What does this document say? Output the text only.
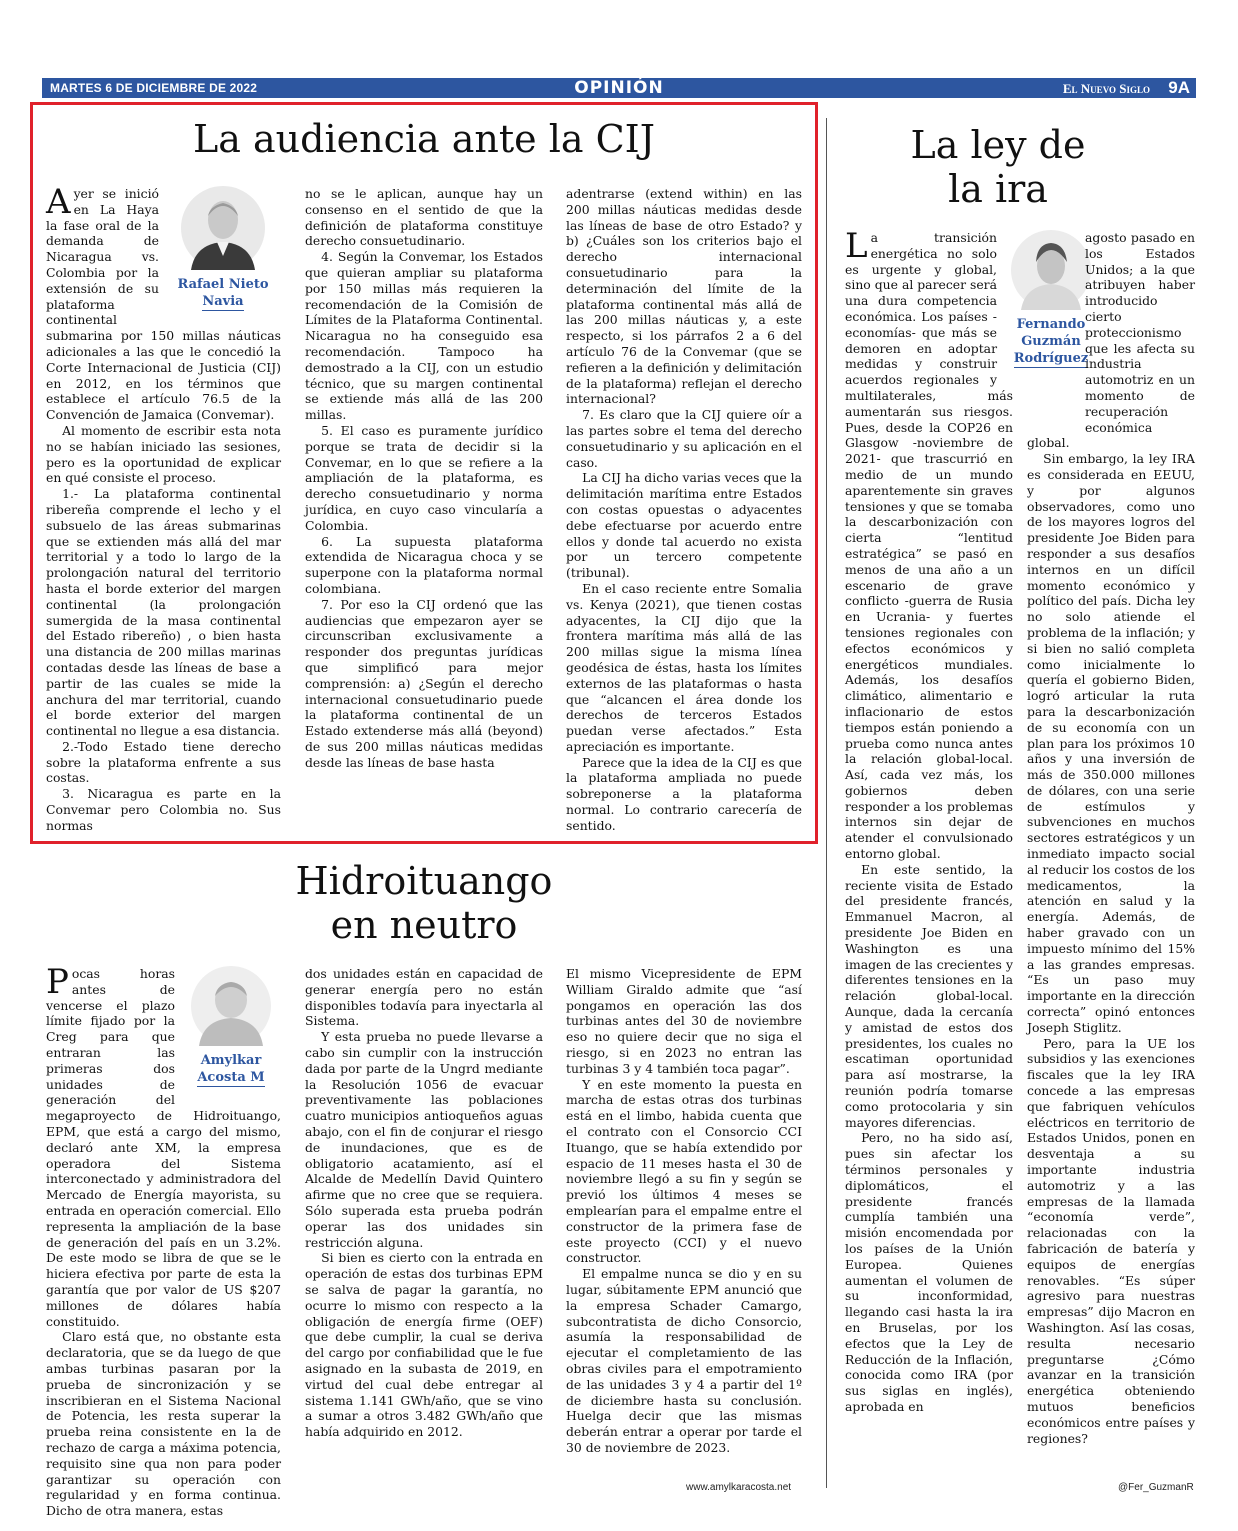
MARTES 6 DE DICIEMBRE DE 2022	OPINIÓN	El Nuevo Siglo 9A
La audiencia ante la CIJ
Rafael Nieto
Navia

Ayer se inició en La Haya la fase oral de la demanda de Nicaragua vs. Colombia por la extensión de su plataforma continental submarina por 150 millas náuticas adicionales a las que le concedió la Corte Internacional de Justicia (CIJ) en 2012, en los términos que establece el artículo 76.5 de la Convención de Jamaica (Convemar).

Al momento de escribir esta nota no se habían iniciado las sesiones, pero es la oportunidad de explicar en qué consiste el proceso.

1.- La plataforma continental ribereña comprende el lecho y el subsuelo de las áreas submarinas que se extienden más allá del mar territorial y a todo lo largo de la prolongación natural del territorio hasta el borde exterior del margen continental (la prolongación sumergida de la masa continental del Estado ribereño) , o bien hasta una distancia de 200 millas marinas contadas desde las líneas de base a partir de las cuales se mide la anchura del mar territorial, cuando el borde exterior del margen continental no llegue a esa distancia.

2.-Todo Estado tiene derecho sobre la plataforma enfrente a sus costas.

3. Nicaragua es parte en la Convemar pero Colombia no. Sus normas

no se le aplican, aunque hay un consenso en el sentido de que la definición de plataforma constituye derecho consuetudinario.

4. Según la Convemar, los Estados que quieran ampliar su plataforma por 150 millas más requieren la recomendación de la Comisión de Límites de la Plataforma Continental. Nicaragua no ha conseguido esa recomendación. Tampoco ha demostrado a la CIJ, con un estudio técnico, que su margen continental se extiende más allá de las 200 millas.

5. El caso es puramente jurídico porque se trata de decidir si la Convemar, en lo que se refiere a la ampliación de la plataforma, es derecho consuetudinario y norma jurídica, en cuyo caso vincularía a Colombia.

6. La supuesta plataforma extendida de Nicaragua choca y se superpone con la plataforma normal colombiana.

7. Por eso la CIJ ordenó que las audiencias que empezaron ayer se circunscriban exclusivamente a responder dos preguntas jurídicas que simplificó para mejor comprensión: a) ¿Según el derecho internacional consuetudinario puede la plataforma continental de un Estado extenderse más allá (beyond) de sus 200 millas náuticas medidas desde las líneas de base hasta

adentrarse (extend within) en las 200 millas náuticas medidas desde las líneas de base de otro Estado? y b) ¿Cuáles son los criterios bajo el derecho internacional consuetudinario para la determinación del límite de la plataforma continental más allá de las 200 millas náuticas y, a este respecto, si los párrafos 2 a 6 del artículo 76 de la Convemar (que se refieren a la definición y delimitación de la plataforma) reflejan el derecho internacional?

7. Es claro que la CIJ quiere oír a las partes sobre el tema del derecho consuetudinario y su aplicación en el caso.

La CIJ ha dicho varias veces que la delimitación marítima entre Estados con costas opuestas o adyacentes debe efectuarse por acuerdo entre ellos y donde tal acuerdo no exista por un tercero competente (tribunal).

En el caso reciente entre Somalia vs. Kenya (2021), que tienen costas adyacentes, la CIJ dijo que la frontera marítima más allá de las 200 millas sigue la misma línea geodésica de éstas, hasta los límites externos de las plataformas o hasta que “alcancen el área donde los derechos de terceros Estados puedan verse afectados.” Esta apreciación es importante.

Parece que la idea de la CIJ es que la plataforma ampliada no puede sobreponerse a la plataforma normal. Lo contrario carecería de sentido.

La ley de
la ira
Fernando
Guzmán
Rodríguez

La transición energética no solo es urgente y global, sino que al parecer será una dura competencia económica. Los países -economías- que más se demoren en adoptar medidas y construir acuerdos regionales y multilaterales, más aumentarán sus riesgos. Pues, desde la COP26 en Glasgow -noviembre de 2021- que trascurrió en medio de un mundo aparentemente sin graves tensiones y que se tomaba la descarbonización con cierta “lentitud estratégica” se pasó en menos de una año a un escenario de grave conflicto -guerra de Rusia en Ucrania- y fuertes tensiones regionales con efectos económicos y energéticos mundiales. Además, los desafíos climático, alimentario e inflacionario de estos tiempos están poniendo a prueba como nunca antes la relación global-local. Así, cada vez más, los gobiernos deben responder a los problemas internos sin dejar de atender el convulsionado entorno global.

En este sentido, la reciente visita de Estado del presidente francés, Emmanuel Macron, al presidente Joe Biden en Washington es una imagen de las crecientes y diferentes tensiones en la relación global-local. Aunque, dada la cercanía y amistad de estos dos presidentes, los cuales no escatiman oportunidad para así mostrarse, la reunión podría tomarse como protocolaria y sin mayores diferencias.

Pero, no ha sido así, pues sin afectar los términos personales y diplomáticos, el presidente francés cumplía también una misión encomendada por los países de la Unión Europea. Quienes aumentan el volumen de su inconformidad, llegando casi hasta la ira en Bruselas, por los efectos que la Ley de Reducción de la Inflación, conocida como IRA (por sus siglas en inglés), aprobada en

agosto pasado en los Estados Unidos; a la que atribuyen haber introducido cierto proteccionismo que les afecta su industria automotriz en un momento de recuperación económica global.

Sin embargo, la ley IRA es considerada en EEUU, y por algunos observadores, como uno de los mayores logros del presidente Joe Biden para responder a sus desafíos internos en un difícil momento económico y político del país. Dicha ley no solo atiende el problema de la inflación; y si bien no salió completa como inicialmente lo quería el gobierno Biden, logró articular la ruta para la descarbonización de su economía con un plan para los próximos 10 años y una inversión de más de 350.000 millones de dólares, con una serie de estímulos y subvenciones en muchos sectores estratégicos y un inmediato impacto social al reducir los costos de los medicamentos, la atención en salud y la energía. Además, de haber gravado con un impuesto mínimo del 15% a las grandes empresas. “Es un paso muy importante en la dirección correcta” opinó entonces Joseph Stiglitz.

Pero, para la UE los subsidios y las exenciones fiscales que la ley IRA concede a las empresas que fabriquen vehículos eléctricos en territorio de Estados Unidos, ponen en desventaja a su importante industria automotriz y a las empresas de la llamada “economía verde”, relacionadas con la fabricación de batería y equipos de energías renovables. “Es súper agresivo para nuestras empresas” dijo Macron en Washington. Así las cosas, resulta necesario preguntarse ¿Cómo avanzar en la transición energética obteniendo mutuos beneficios económicos entre países y regiones?

@Fer_GuzmanR
Hidroituango
en neutro
Amylkar
Acosta M

Pocas horas antes de vencerse el plazo límite fijado por la Creg para que entraran las primeras dos unidades de generación del megaproyecto de Hidroituango, EPM, que está a cargo del mismo, declaró ante XM, la empresa operadora del Sistema interconectado y administradora del Mercado de Energía mayorista, su entrada en operación comercial. Ello representa la ampliación de la base de generación del país en un 3.2%. De este modo se libra de que se le hiciera efectiva por parte de esta la garantía que por valor de US $207 millones de dólares había constituido.

Claro está que, no obstante esta declaratoria, que se da luego de que ambas turbinas pasaran por la prueba de sincronización y se inscribieran en el Sistema Nacional de Potencia, les resta superar la prueba reina consistente en la de rechazo de carga a máxima potencia, requisito sine qua non para poder garantizar su operación con regularidad y en forma continua. Dicho de otra manera, estas

dos unidades están en capacidad de generar energía pero no están disponibles todavía para inyectarla al Sistema.

Y esta prueba no puede llevarse a cabo sin cumplir con la instrucción dada por parte de la Ungrd mediante la Resolución 1056 de evacuar preventivamente las poblaciones cuatro municipios antioqueños aguas abajo, con el fin de conjurar el riesgo de inundaciones, que es de obligatorio acatamiento, así el Alcalde de Medellín David Quintero afirme que no cree que se requiera. Sólo superada esta prueba podrán operar las dos unidades sin restricción alguna.

Si bien es cierto con la entrada en operación de estas dos turbinas EPM se salva de pagar la garantía, no ocurre lo mismo con respecto a la obligación de energía firme (OEF) que debe cumplir, la cual se deriva del cargo por confiabilidad que le fue asignado en la subasta de 2019, en virtud del cual debe entregar al sistema 1.141 GWh/año, que se vino a sumar a otros 3.482 GWh/año que había adquirido en 2012.

El mismo Vicepresidente de EPM William Giraldo admite que “así pongamos en operación las dos turbinas antes del 30 de noviembre eso no quiere decir que no siga el riesgo, si en 2023 no entran las turbinas 3 y 4 también toca pagar”.

Y en este momento la puesta en marcha de estas otras dos turbinas está en el limbo, habida cuenta que el contrato con el Consorcio CCI Ituango, que se había extendido por espacio de 11 meses hasta el 30 de noviembre llegó a su fin y según se previó los últimos 4 meses se emplearían para el empalme entre el constructor de la primera fase de este proyecto (CCI) y el nuevo constructor.

El empalme nunca se dio y en su lugar, súbitamente EPM anunció que la empresa Schader Camargo, subcontratista de dicho Consorcio, asumía la responsabilidad de ejecutar el completamiento de las obras civiles para el empotramiento de las unidades 3 y 4 a partir del 1º de diciembre hasta su conclusión. Huelga decir que las mismas deberán entrar a operar por tarde el 30 de noviembre de 2023.

www.amylkaracosta.net
